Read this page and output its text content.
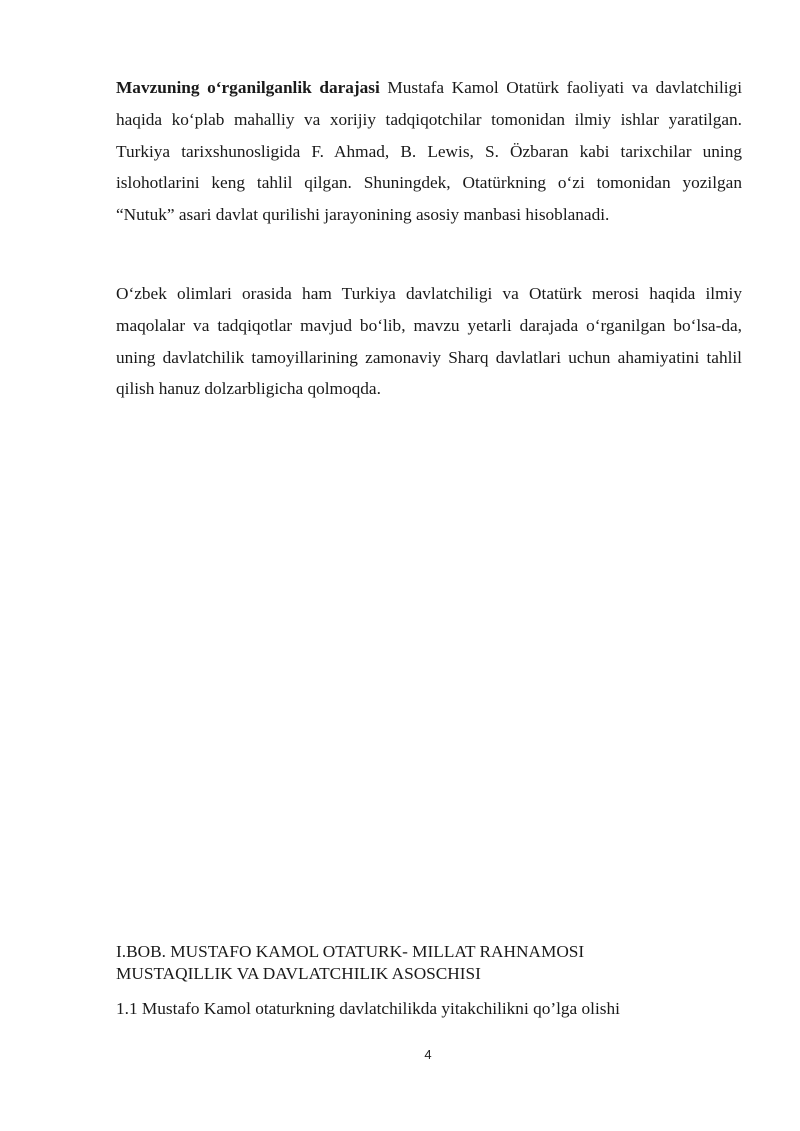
Mavzuning o‘rganilganlik darajasi Mustafa Kamol Otatürk faoliyati va davlatchiligi haqida ko‘plab mahalliy va xorijiy tadqiqotchilar tomonidan ilmiy ishlar yaratilgan. Turkiya tarixshunosligida F. Ahmad, B. Lewis, S. Özbaran kabi tarixchilar uning islohotlarini keng tahlil qilgan. Shuningdek, Otatürkning o‘zi tomonidan yozilgan “Nutuk” asari davlat qurilishi jarayonining asosiy manbasi hisoblanadi.

O‘zbek olimlari orasida ham Turkiya davlatchiligi va Otatürk merosi haqida ilmiy maqolalar va tadqiqotlar mavjud bo‘lib, mavzu yetarli darajada o‘rganilgan bo‘lsa-da, uning davlatchilik tamoyillarining zamonaviy Sharq davlatlari uchun ahamiyatini tahlil qilish hanuz dolzarbligicha qolmoqda.

I.BOB. MUSTAFO KAMOL OTATURK- MILLAT RAHNAMOSI
MUSTAQILLIK VA DAVLATCHILIK ASOSCHISI
1.1 Mustafo Kamol otaturkning davlatchilikda yitakchilikni qo’lga olishi
4
